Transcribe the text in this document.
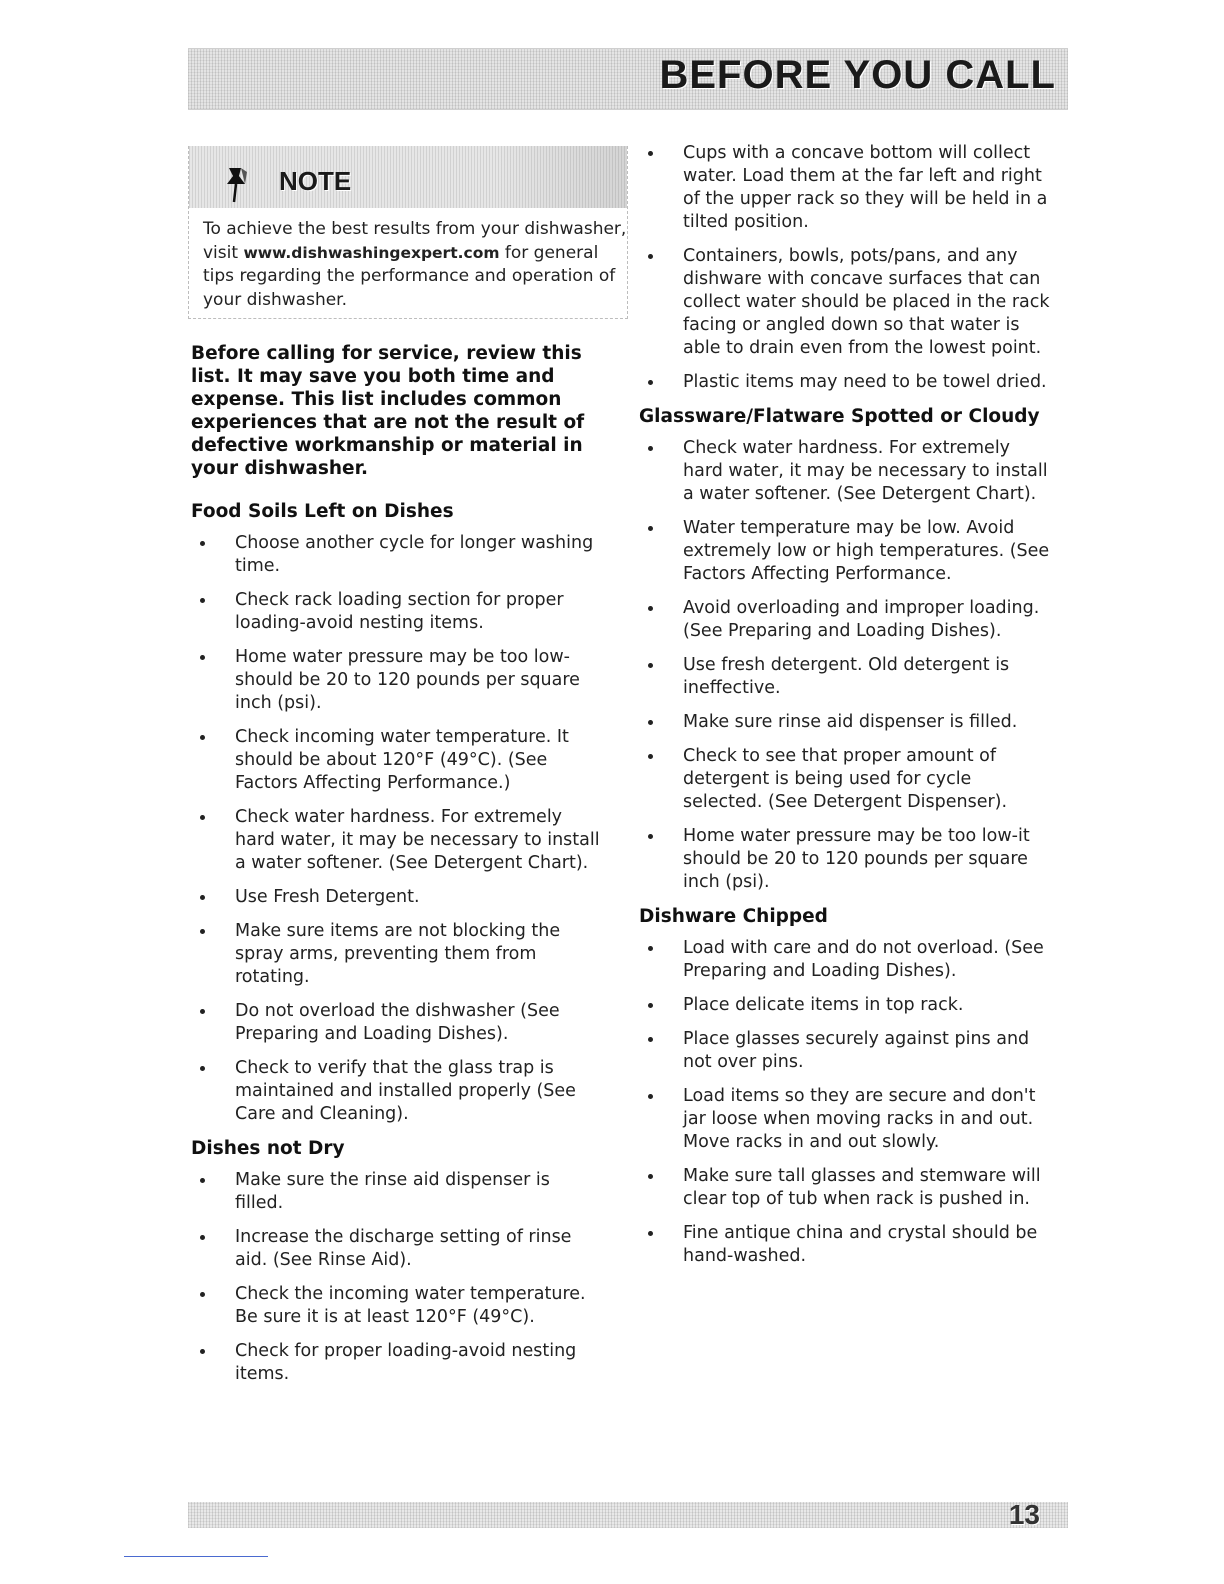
BEFORE YOU CALL
NOTE
To achieve the best results from your dishwasher, visit www.dishwashingexpert.com for general tips regarding the performance and operation of your dishwasher.

Before calling for service, review this list. It may save you both time and expense. This list includes common experiences that are not the result of defective workmanship or material in your dishwasher.

Food Soils Left on Dishes
Choose another cycle for longer washing time.
Check rack loading section for proper loading-avoid nesting items.
Home water pressure may be too low-should be 20 to 120 pounds per square inch (psi).
Check incoming water temperature. It should be about 120°F (49°C). (See Factors Affecting Performance.)
Check water hardness. For extremely hard water, it may be necessary to install a water softener. (See Detergent Chart).
Use Fresh Detergent.
Make sure items are not blocking the spray arms, preventing them from rotating.
Do not overload the dishwasher (See Preparing and Loading Dishes).
Check to verify that the glass trap is maintained and installed properly (See Care and Cleaning).
Dishes not Dry
Make sure the rinse aid dispenser is filled.
Increase the discharge setting of rinse aid. (See Rinse Aid).
Check the incoming water temperature. Be sure it is at least 120°F (49°C).
Check for proper loading-avoid nesting items.
Cups with a concave bottom will collect water. Load them at the far left and right of the upper rack so they will be held in a tilted position.
Containers, bowls, pots/pans, and any dishware with concave surfaces that can collect water should be placed in the rack facing or angled down so that water is able to drain even from the lowest point.
Plastic items may need to be towel dried.
Glassware/Flatware Spotted or Cloudy
Check water hardness. For extremely hard water, it may be necessary to install a water softener. (See Detergent Chart).
Water temperature may be low. Avoid extremely low or high temperatures. (See Factors Affecting Performance.
Avoid overloading and improper loading. (See Preparing and Loading Dishes).
Use fresh detergent. Old detergent is ineffective.
Make sure rinse aid dispenser is filled.
Check to see that proper amount of detergent is being used for cycle selected. (See Detergent Dispenser).
Home water pressure may be too low-it should be 20 to 120 pounds per square inch (psi).
Dishware Chipped
Load with care and do not overload. (See Preparing and Loading Dishes).
Place delicate items in top rack.
Place glasses securely against pins and not over pins.
Load items so they are secure and don't jar loose when moving racks in and out. Move racks in and out slowly.
Make sure tall glasses and stemware will clear top of tub when rack is pushed in.
Fine antique china and crystal should be hand-washed.
13
